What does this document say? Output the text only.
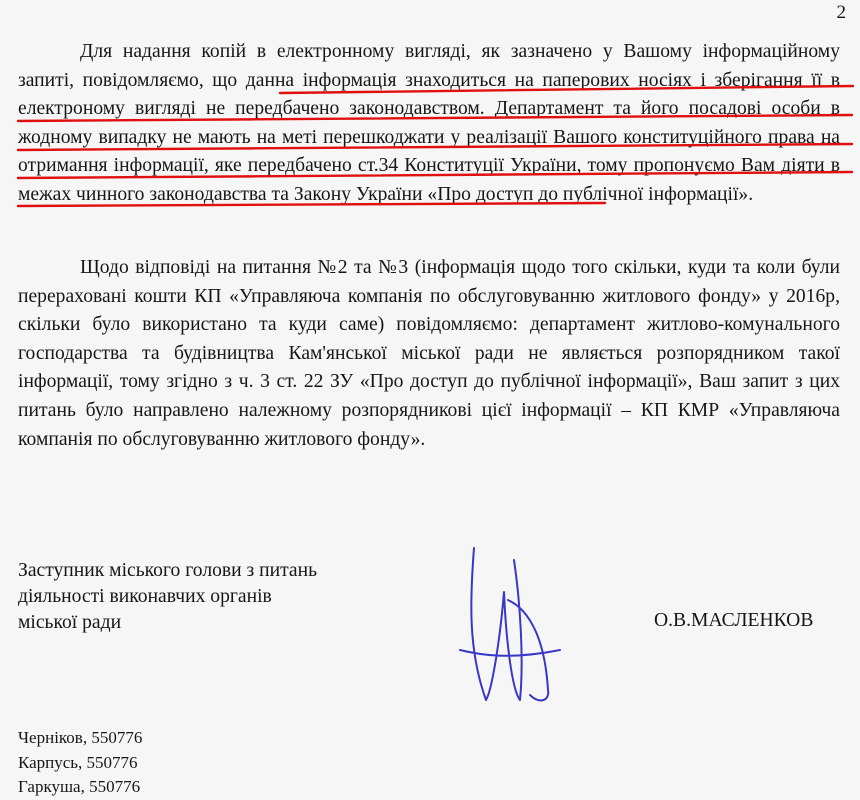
2

Для надання копій в електронному вигляді, як зазначено у Вашому інформаційному запиті, повідомляємо, що данна інформація знаходиться на паперових носіях і зберігання її в електроному вигляді не передбачено законодавством. Департамент та його посадові особи в жодному випадку не мають на меті перешкоджати у реалізації Вашого конституційного права на отримання інформації, яке передбачено ст.34 Конституції України, тому пропонуємо Вам діяти в межах чинного законодавства та Закону України «Про доступ до публічної інформації».

Щодо відповіді на питання №2 та №3 (інформація щодо того скільки, куди та коли були перераховані кошти КП «Управляюча компанія по обслуговуванню житлового фонду» у 2016р, скільки було використано та куди саме) повідомляємо: департамент житлово-комунального господарства та будівництва Кам'янської міської ради не являється розпорядником такої інформації, тому згідно з ч. 3 ст. 22 ЗУ «Про доступ до публічної інформації», Ваш запит з цих питань було направлено належному розпорядникові цієї інформації – КП КМР «Управляюча компанія по обслуговуванню житлового фонду».

Заступник міського голови з питань
діяльності виконавчих органів
міської ради	О.В.МАСЛЕНКОВ
Черніков, 550776
Карпусь, 550776
Гаркуша, 550776
